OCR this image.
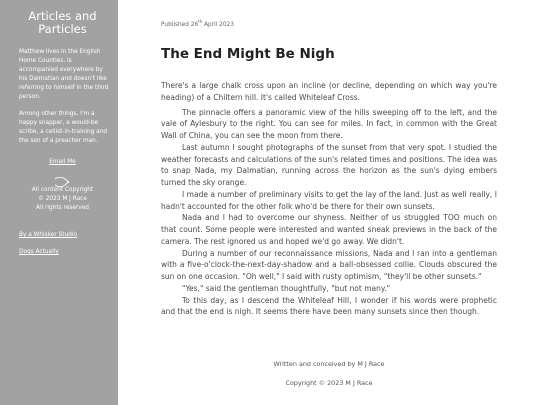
Articles and Particles

Matthew lives in the English Home Counties, is accompanied everywhere by his Dalmatian and doesn't like referring to himself in the third person.

Among other things, I'm a happy snapper, a would-be scribe, a cellist-in-training and the son of a preacher man.

Email Me
All content Copyright
© 2023 M J Race
All rights reserved
By a Whisker Studio
Dogs Actually
Published 26th April 2023
The End Might Be Nigh

There's a large chalk cross upon an incline (or decline, depending on which way you're heading) of a Chiltern hill. It's called Whiteleaf Cross.

The pinnacle offers a panoramic view of the hills sweeping off to the left, and the vale of Aylesbury to the right. You can see for miles. In fact, in common with the Great Wall of China, you can see the moon from there.

Last autumn I sought photographs of the sunset from that very spot. I studied the weather forecasts and calculations of the sun's related times and positions. The idea was to snap Nada, my Dalmatian, running across the horizon as the sun's dying embers turned the sky orange.

I made a number of preliminary visits to get the lay of the land. Just as well really, I hadn't accounted for the other folk who'd be there for their own sunsets.

Nada and I had to overcome our shyness. Neither of us struggled TOO much on that count. Some people were interested and wanted sneak previews in the back of the camera. The rest ignored us and hoped we'd go away. We didn't.

During a number of our reconnaissance missions, Nada and I ran into a gentleman with a five-o'clock-the-next-day-shadow and a ball-obsessed collie. Clouds obscured the sun on one occasion. "Oh well," I said with rusty optimism, "they'll be other sunsets."

"Yes," said the gentleman thoughtfully, "but not many."

To this day, as I descend the Whiteleaf Hill, I wonder if his words were prophetic and that the end is nigh. It seems there have been many sunsets since then though.

Written and conceived by M J Race
Copyright © 2023 M J Race
